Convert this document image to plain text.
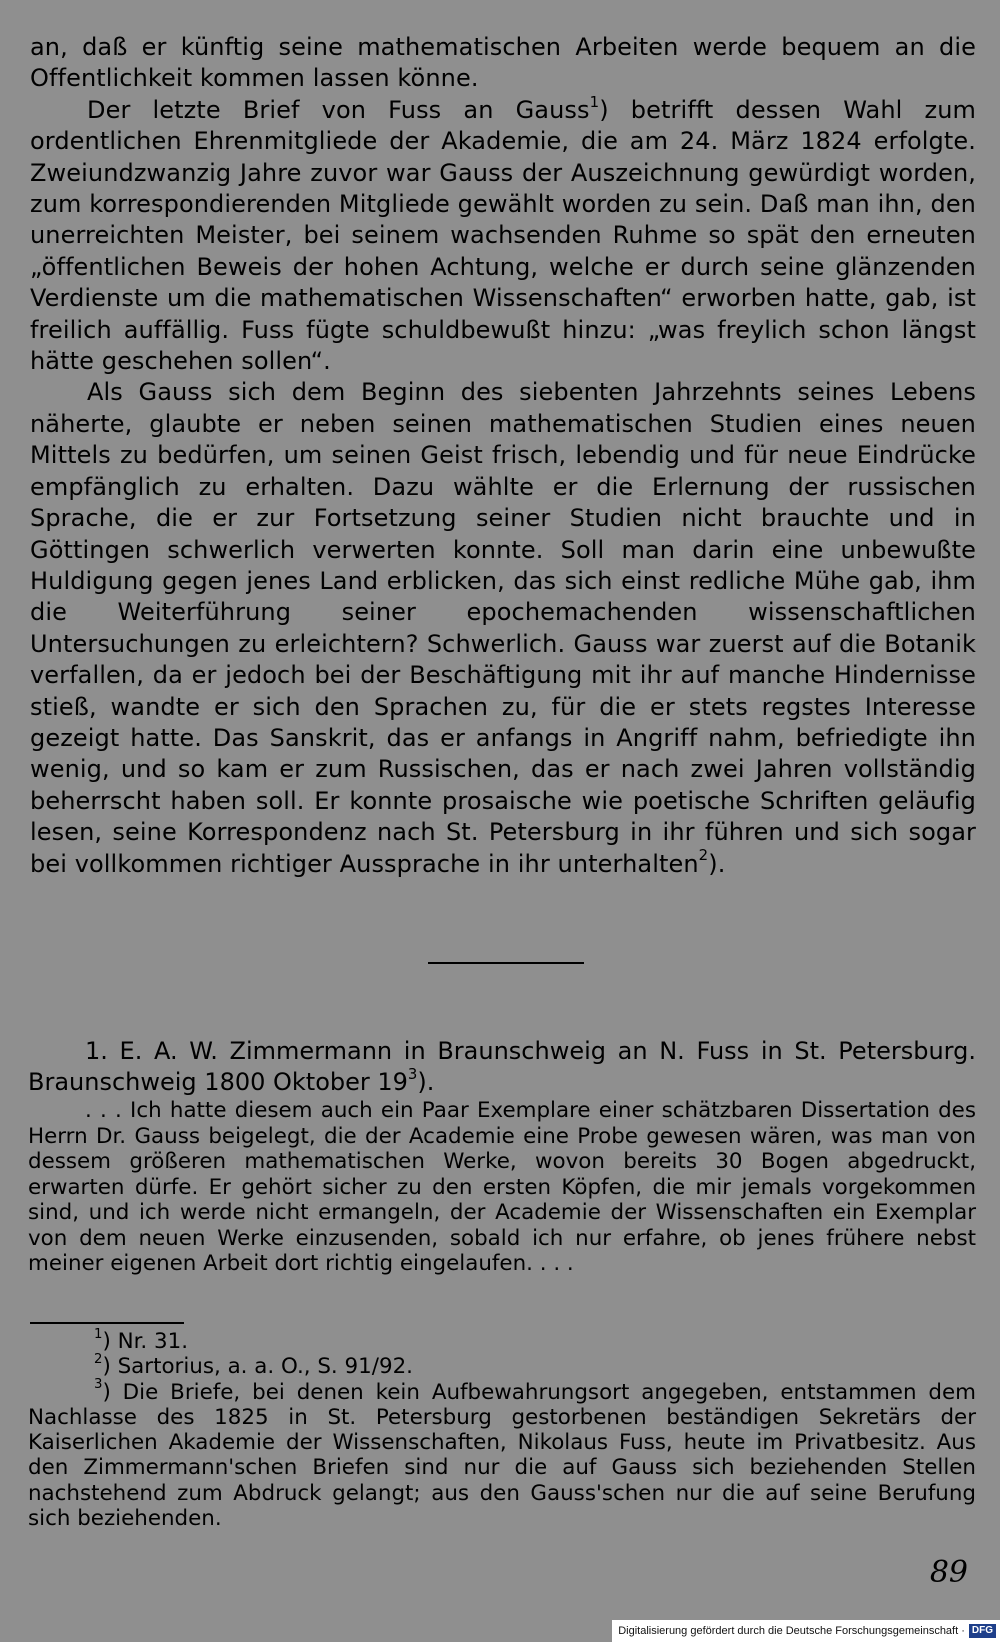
an, daß er künftig seine mathematischen Arbeiten werde bequem an die Offentlichkeit kommen lassen könne.

Der letzte Brief von Fuss an Gauss$^1$) betrifft dessen Wahl zum ordentlichen Ehrenmitgliede der Akademie, die am 24. März 1824 erfolgte. Zweiundzwanzig Jahre zuvor war Gauss der Auszeichnung gewürdigt worden, zum korrespondierenden Mitgliede gewählt worden zu sein. Daß man ihn, den unerreichten Meister, bei seinem wachsenden Ruhme so spät den erneuten „öffentlichen Beweis der hohen Achtung, welche er durch seine glänzenden Verdienste um die mathematischen Wissenschaften“ erworben hatte, gab, ist freilich auffällig. Fuss fügte schuldbewußt hinzu: „was freylich schon längst hätte geschehen sollen“.

Als Gauss sich dem Beginn des siebenten Jahrzehnts seines Lebens näherte, glaubte er neben seinen mathematischen Studien eines neuen Mittels zu bedürfen, um seinen Geist frisch, lebendig und für neue Eindrücke empfänglich zu erhalten. Dazu wählte er die Erlernung der russischen Sprache, die er zur Fortsetzung seiner Studien nicht brauchte und in Göttingen schwerlich verwerten konnte. Soll man darin eine unbewußte Huldigung gegen jenes Land erblicken, das sich einst redliche Mühe gab, ihm die Weiterführung seiner epochemachenden wissenschaftlichen Untersuchungen zu erleichtern? Schwerlich. Gauss war zuerst auf die Botanik verfallen, da er jedoch bei der Beschäftigung mit ihr auf manche Hindernisse stieß, wandte er sich den Sprachen zu, für die er stets regstes Interesse gezeigt hatte. Das Sanskrit, das er anfangs in Angriff nahm, befriedigte ihn wenig, und so kam er zum Russischen, das er nach zwei Jahren vollständig beherrscht haben soll. Er konnte prosaische wie poetische Schriften geläufig lesen, seine Korrespondenz nach St. Petersburg in ihr führen und sich sogar bei vollkommen richtiger Aussprache in ihr unterhalten$^2$).

1. E. A. W. Zimmermann in Braunschweig an N. Fuss in St. Petersburg. Braunschweig 1800 Oktober $19^3$).

. . . Ich hatte diesem auch ein Paar Exemplare einer schätzbaren Dissertation des Herrn Dr. Gauss beigelegt, die der Academie eine Probe gewesen wären, was man von dessem größeren mathematischen Werke, wovon bereits 30 Bogen abgedruckt, erwarten dürfe. Er gehört sicher zu den ersten Köpfen, die mir jemals vorgekommen sind, und ich werde nicht ermangeln, der Academie der Wissenschaften ein Exemplar von dem neuen Werke einzusenden, sobald ich nur erfahre, ob jenes frühere nebst meiner eigenen Arbeit dort richtig eingelaufen. . . .

$^1$) Nr. 31.

$^2$) Sartorius, a. a. O., S. 91/92.

$^3$) Die Briefe, bei denen kein Aufbewahrungsort angegeben, entstammen dem Nachlasse des 1825 in St. Petersburg gestorbenen beständigen Sekretärs der Kaiserlichen Akademie der Wissenschaften, Nikolaus Fuss, heute im Privatbesitz. Aus den Zimmermann'schen Briefen sind nur die auf Gauss sich beziehenden Stellen nachstehend zum Abdruck gelangt; aus den Gauss'schen nur die auf seine Berufung sich beziehenden.

89
Digitalisierung gefördert durch die Deutsche Forschungsgemeinschaft · DFG
